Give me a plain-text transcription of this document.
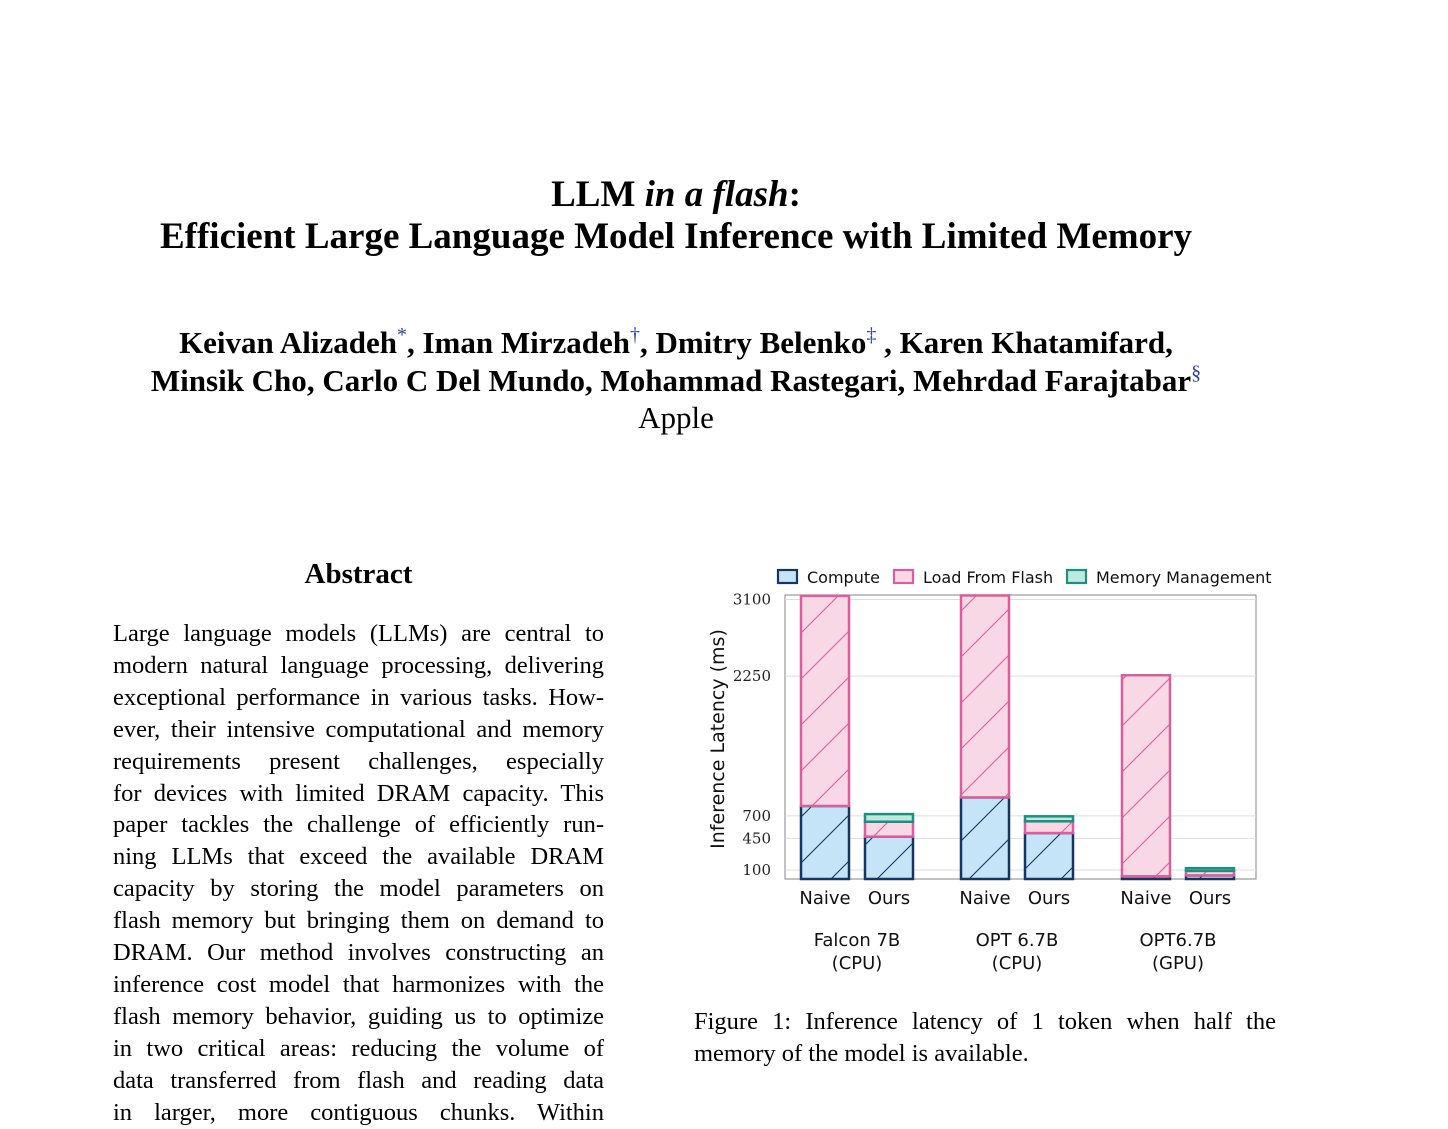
LLM in a flash:
Efficient Large Language Model Inference with Limited Memory
Keivan Alizadeh*, Iman Mirzadeh†, Dmitry Belenko‡ , Karen Khatamifard,
Minsik Cho, Carlo C Del Mundo, Mohammad Rastegari, Mehrdad Farajtabar§
Apple
Abstract
Large language models (LLMs) are central to
modern natural language processing, delivering
exceptional performance in various tasks. How-
ever, their intensive computational and memory
requirements present challenges, especially
for devices with limited DRAM capacity. This
paper tackles the challenge of efficiently run-
ning LLMs that exceed the available DRAM
capacity by storing the model parameters on
flash memory but bringing them on demand to
DRAM. Our method involves constructing an
inference cost model that harmonizes with the
flash memory behavior, guiding us to optimize
in two critical areas: reducing the volume of
data transferred from flash and reading data
in larger, more contiguous chunks. Within
100
450
700
2250
3100
Inference Latency (ms)
Naive Ours	Naive Ours	Naive Ours
Falcon 7B
(CPU)
OPT 6.7B
(CPU)
OPT6.7B
(GPU)
Compute	Load From Flash	Memory Management
Figure 1: Inference latency of 1 token when half the
memory of the model is available.
